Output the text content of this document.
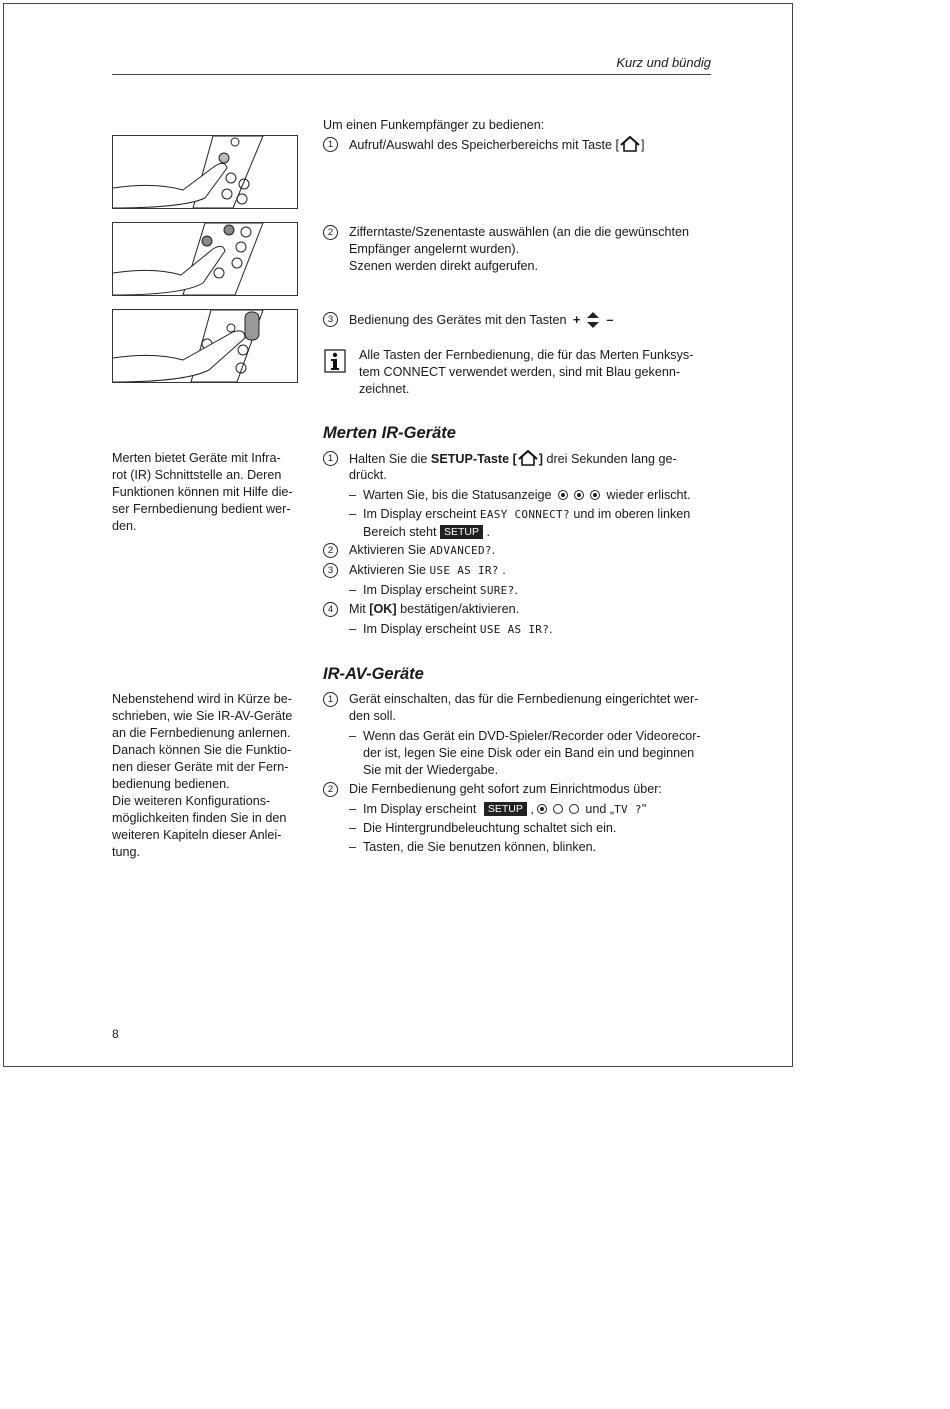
Kurz und bündig
Um einen Funkempfänger zu bedienen:
1	Aufruf/Auswahl des Speicherbereichs mit Taste [ ]
2	Zifferntaste/Szenentaste auswählen (an die die gewünschten
Empfänger angelernt wurden).
Szenen werden direkt aufgerufen.
3	Bedienung des Gerätes mit den Tasten + –
Alle Tasten der Fernbedienung, die für das Merten Funksys-
tem CONNECT verwendet werden, sind mit Blau gekenn-
zeichnet.
Merten IR-Geräte
Merten bietet Geräte mit Infra-
rot (IR) Schnittstelle an. Deren
Funktionen können mit Hilfe die-
ser Fernbedienung bedient wer-
den.
1	Halten Sie die SETUP-Taste [ ] drei Sekunden lang ge-
drückt.
– Warten Sie, bis die Statusanzeige	wieder erlischt.
– Im Display erscheint EASY CONNECT? und im oberen linken
Bereich steht SETUP .
2	Aktivieren Sie ADVANCED?.
3	Aktivieren Sie USE AS IR? .
– Im Display erscheint SURE?.
4	Mit [OK] bestätigen/aktivieren.
– Im Display erscheint USE AS IR?.
IR-AV-Geräte
Nebenstehend wird in Kürze be-
schrieben, wie Sie IR-AV-Geräte
an die Fernbedienung anlernen.
Danach können Sie die Funktio-
nen dieser Geräte mit der Fern-
bedienung bedienen.
Die weiteren Konfigurations-
möglichkeiten finden Sie in den
weiteren Kapiteln dieser Anlei-
tung.
1	Gerät einschalten, das für die Fernbedienung eingerichtet wer-
den soll.
– Wenn das Gerät ein DVD-Spieler/Recorder oder Videorecor-
der ist, legen Sie eine Disk oder ein Band ein und beginnen
Sie mit der Wiedergabe.
2	Die Fernbedienung geht sofort zum Einrichtmodus über:
– Im Display erscheint SETUP ,	und „TV ?"
– Die Hintergrundbeleuchtung schaltet sich ein.
– Tasten, die Sie benutzen können, blinken.
8
